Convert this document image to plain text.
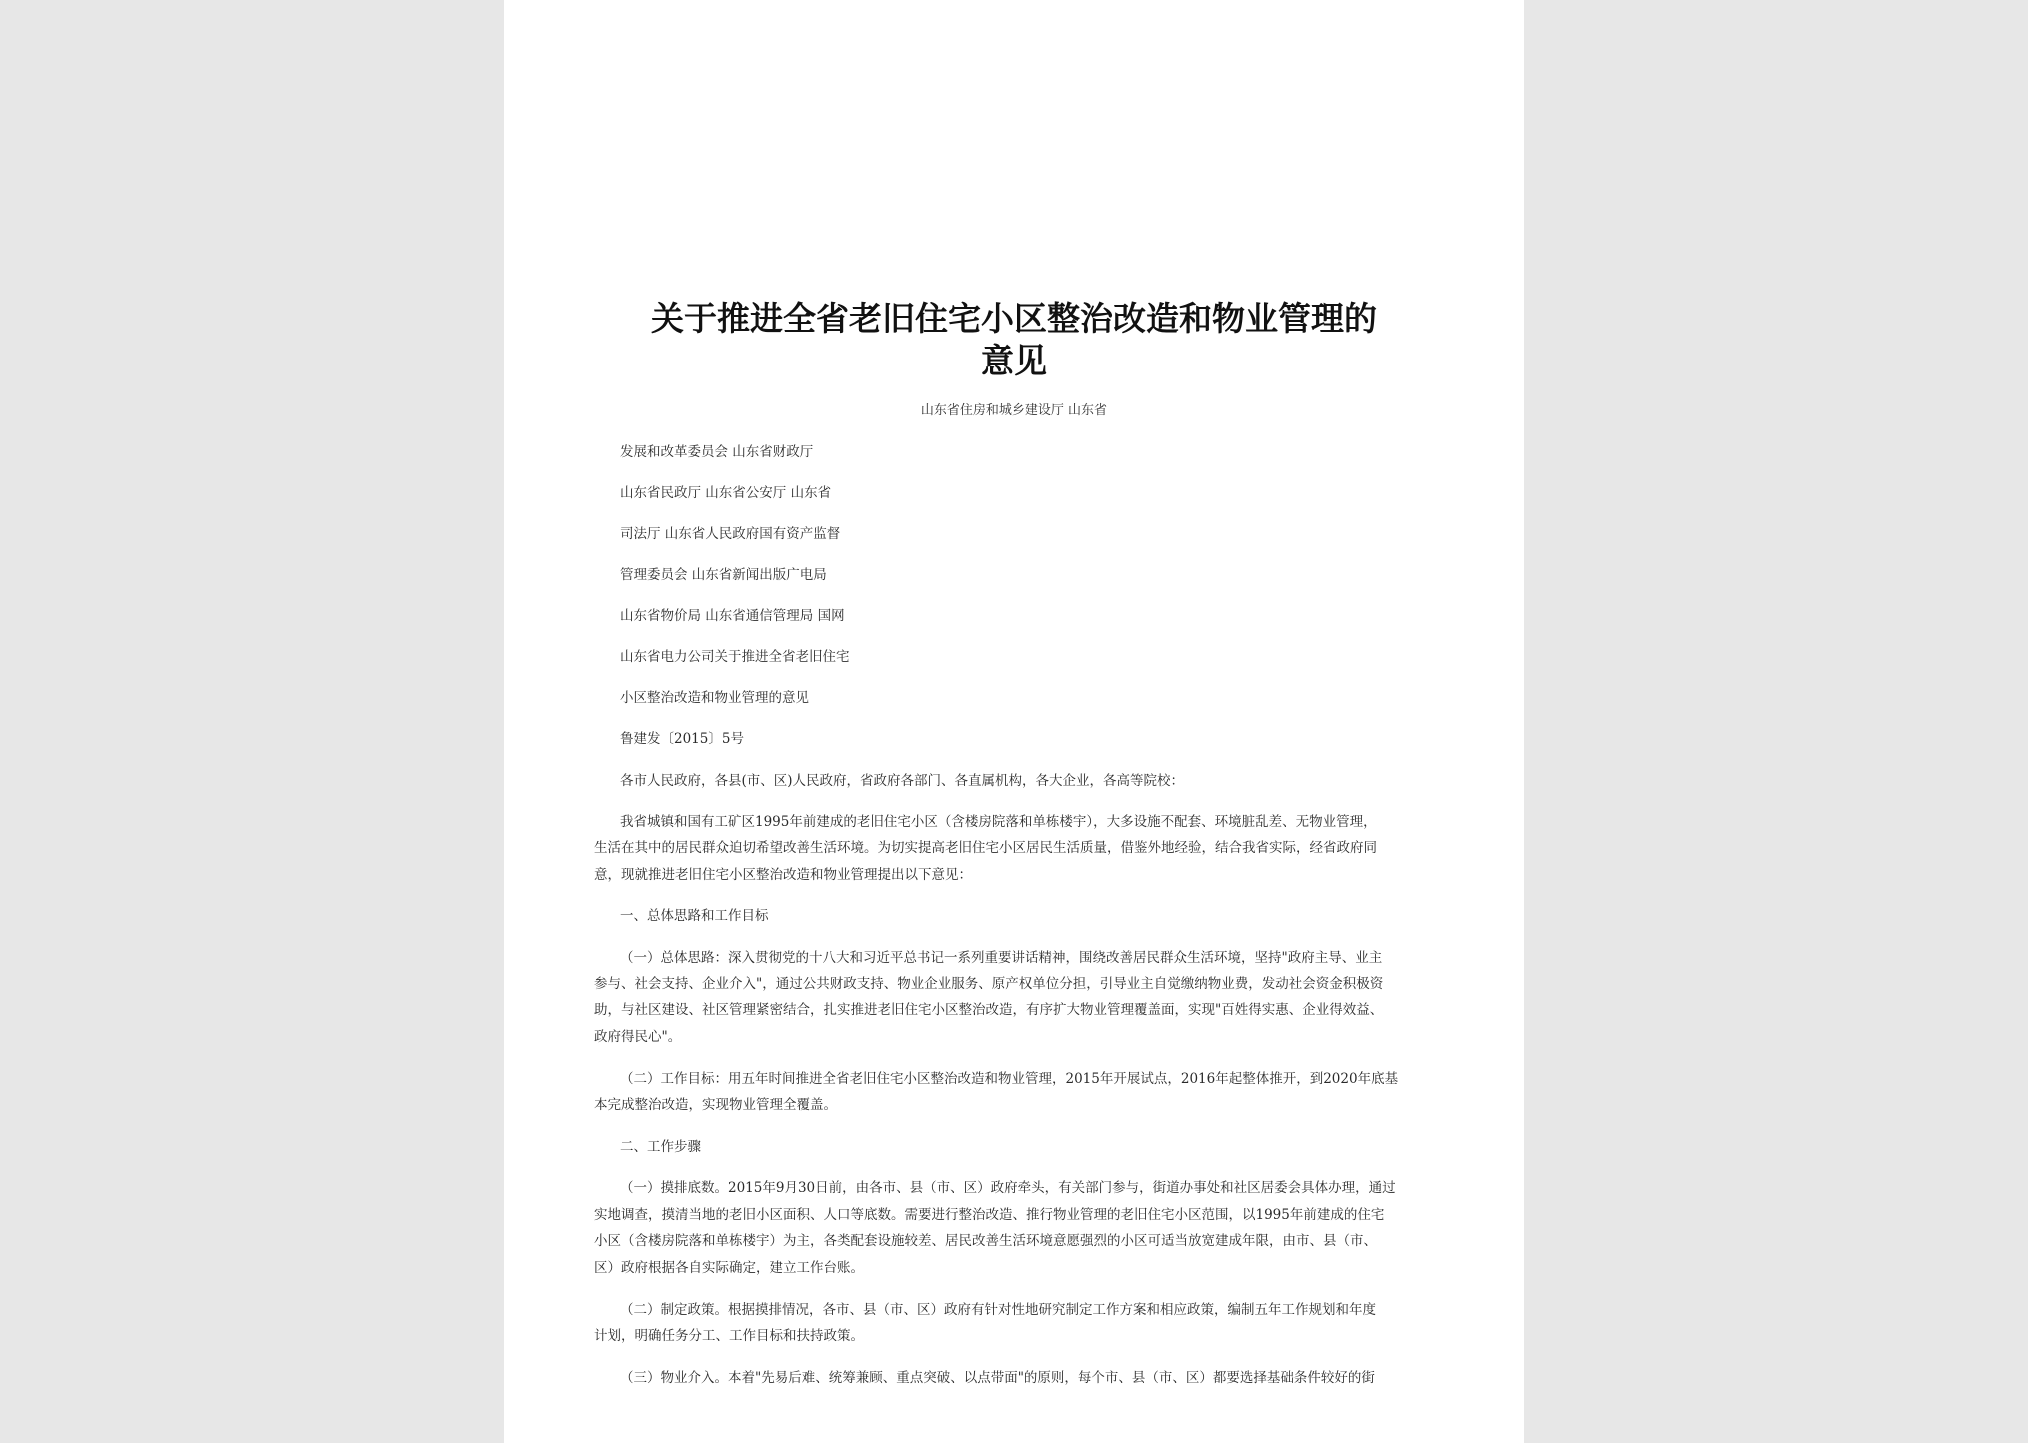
关于推进全省老旧住宅小区整治改造和物业管理的
意见
山东省住房和城乡建设厅 山东省
发展和改革委员会 山东省财政厅
山东省民政厅 山东省公安厅 山东省
司法厅 山东省人民政府国有资产监督
管理委员会 山东省新闻出版广电局
山东省物价局 山东省通信管理局 国网
山东省电力公司关于推进全省老旧住宅
小区整治改造和物业管理的意见
鲁建发〔2015〕5号
各市人民政府，各县(市、区)人民政府，省政府各部门、各直属机构，各大企业，各高等院校：
我省城镇和国有工矿区1995年前建成的老旧住宅小区（含楼房院落和单栋楼宇），大多设施不配套、环境脏乱差、无物业管理，
生活在其中的居民群众迫切希望改善生活环境。为切实提高老旧住宅小区居民生活质量，借鉴外地经验，结合我省实际，经省政府同
意，现就推进老旧住宅小区整治改造和物业管理提出以下意见：
一、总体思路和工作目标
（一）总体思路：深入贯彻党的十八大和习近平总书记一系列重要讲话精神，围绕改善居民群众生活环境，坚持"政府主导、业主
参与、社会支持、企业介入"，通过公共财政支持、物业企业服务、原产权单位分担，引导业主自觉缴纳物业费，发动社会资金积极资
助，与社区建设、社区管理紧密结合，扎实推进老旧住宅小区整治改造，有序扩大物业管理覆盖面，实现"百姓得实惠、企业得效益、
政府得民心"。
（二）工作目标：用五年时间推进全省老旧住宅小区整治改造和物业管理，2015年开展试点，2016年起整体推开，到2020年底基
本完成整治改造，实现物业管理全覆盖。
二、工作步骤
（一）摸排底数。2015年9月30日前，由各市、县（市、区）政府牵头，有关部门参与，街道办事处和社区居委会具体办理，通过
实地调查，摸清当地的老旧小区面积、人口等底数。需要进行整治改造、推行物业管理的老旧住宅小区范围，以1995年前建成的住宅
小区（含楼房院落和单栋楼宇）为主，各类配套设施较差、居民改善生活环境意愿强烈的小区可适当放宽建成年限，由市、县（市、
区）政府根据各自实际确定，建立工作台账。
（二）制定政策。根据摸排情况，各市、县（市、区）政府有针对性地研究制定工作方案和相应政策，编制五年工作规划和年度
计划，明确任务分工、工作目标和扶持政策。
（三）物业介入。本着"先易后难、统筹兼顾、重点突破、以点带面"的原则，每个市、县（市、区）都要选择基础条件较好的街
